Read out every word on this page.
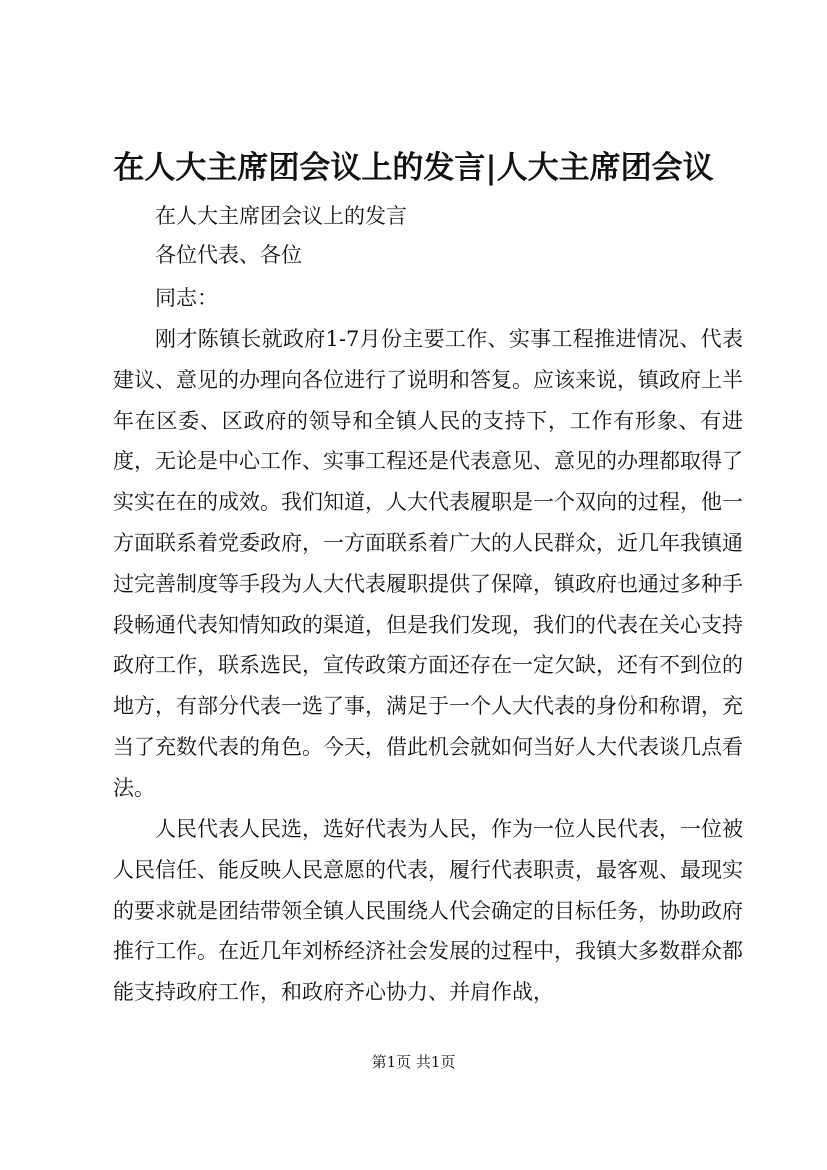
在人大主席团会议上的发言|人大主席团会议

在人大主席团会议上的发言

各位代表、各位

同志：

刚才陈镇长就政府1-7月份主要工作、实事工程推进情况、代表建议、意见的办理向各位进行了说明和答复。应该来说，镇政府上半年在区委、区政府的领导和全镇人民的支持下，工作有形象、有进度，无论是中心工作、实事工程还是代表意见、意见的办理都取得了实实在在的成效。我们知道，人大代表履职是一个双向的过程，他一方面联系着党委政府，一方面联系着广大的人民群众，近几年我镇通过完善制度等手段为人大代表履职提供了保障，镇政府也通过多种手段畅通代表知情知政的渠道，但是我们发现，我们的代表在关心支持政府工作，联系选民，宣传政策方面还存在一定欠缺，还有不到位的地方，有部分代表一选了事，满足于一个人大代表的身份和称谓，充当了充数代表的角色。今天，借此机会就如何当好人大代表谈几点看法。

人民代表人民选，选好代表为人民，作为一位人民代表，一位被人民信任、能反映人民意愿的代表，履行代表职责，最客观、最现实的要求就是团结带领全镇人民围绕人代会确定的目标任务，协助政府推行工作。在近几年刘桥经济社会发展的过程中，我镇大多数群众都能支持政府工作，和政府齐心协力、并肩作战，

第1页 共1页
